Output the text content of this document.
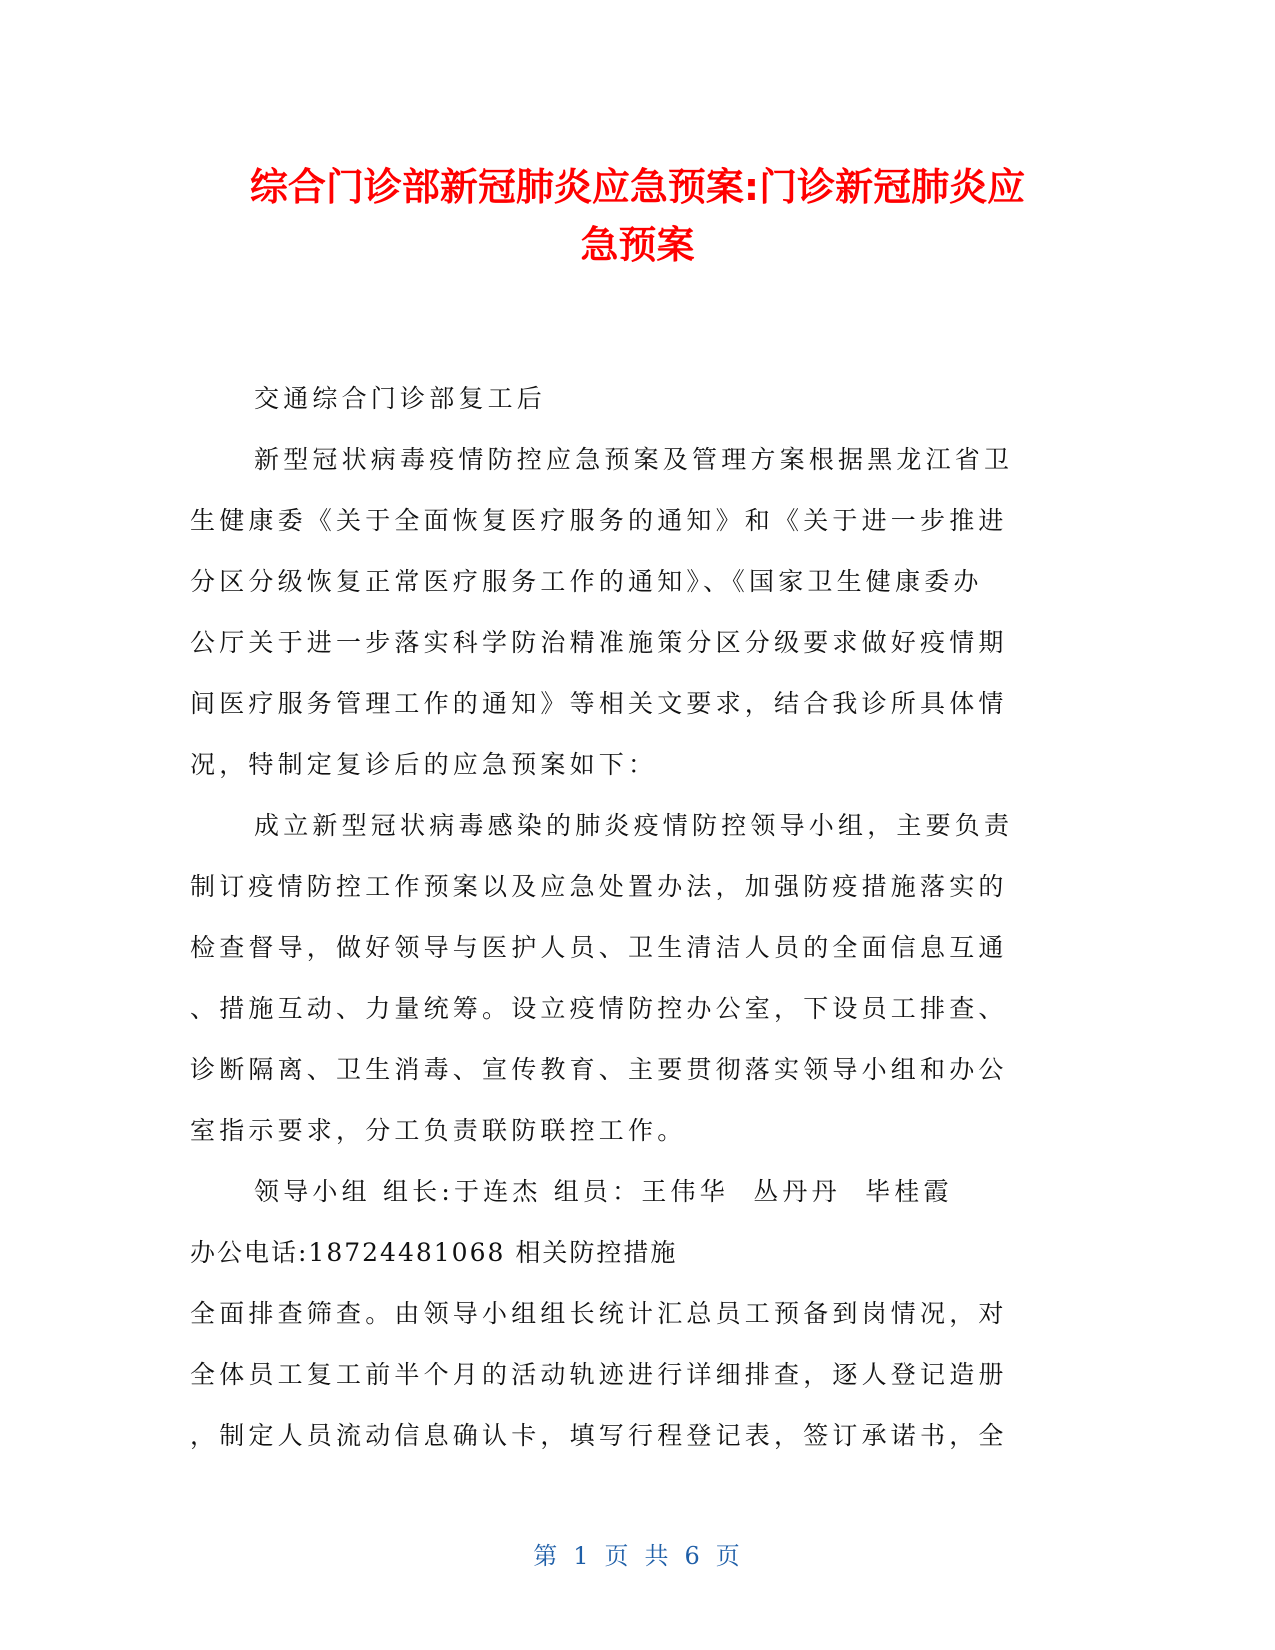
综合门诊部新冠肺炎应急预案:门诊新冠肺炎应
急预案
交通综合门诊部复工后
新型冠状病毒疫情防控应急预案及管理方案根据黑龙江省卫
生健康委《关于全面恢复医疗服务的通知》和《关于进一步推进
分区分级恢复正常医疗服务工作的通知》、《国家卫生健康委办
公厅关于进一步落实科学防治精准施策分区分级要求做好疫情期
间医疗服务管理工作的通知》等相关文要求，结合我诊所具体情
况，特制定复诊后的应急预案如下：
成立新型冠状病毒感染的肺炎疫情防控领导小组，主要负责
制订疫情防控工作预案以及应急处置办法，加强防疫措施落实的
检查督导，做好领导与医护人员、卫生清洁人员的全面信息互通
、措施互动、力量统筹。设立疫情防控办公室，下设员工排查、
诊断隔离、卫生消毒、宣传教育、主要贯彻落实领导小组和办公
室指示要求，分工负责联防联控工作。
领导小组 组长:于连杰 组员：王伟华  丛丹丹  毕桂霞
办公电话:18724481068 相关防控措施
全面排查筛查。由领导小组组长统计汇总员工预备到岗情况，对
全体员工复工前半个月的活动轨迹进行详细排查，逐人登记造册
，制定人员流动信息确认卡，填写行程登记表，签订承诺书，全
第 1 页 共 6 页
